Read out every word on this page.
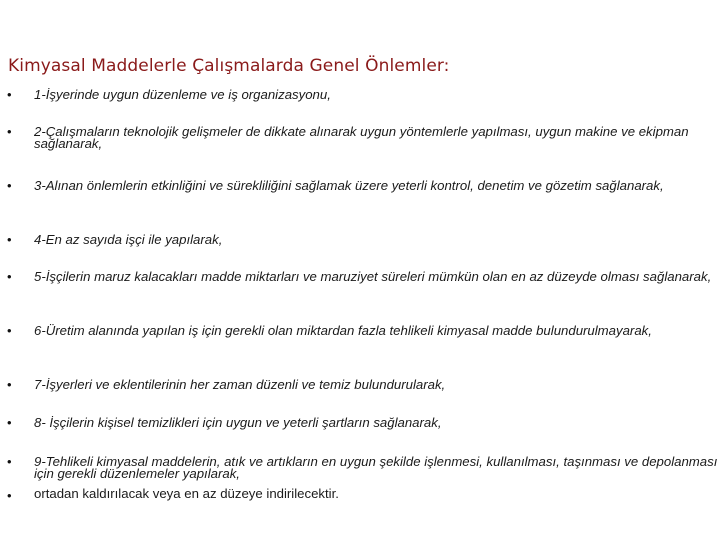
Kimyasal Maddelerle Çalışmalarda Genel Önlemler:
• 1-İşyerinde uygun düzenleme ve iş organizasyonu,
• 2-Çalışmaların teknolojik gelişmeler de dikkate alınarak uygun yöntemlerle yapılması, uygun makine ve ekipman sağlanarak,
• 3-Alınan önlemlerin etkinliğini ve sürekliliğini sağlamak üzere yeterli kontrol, denetim ve gözetim sağlanarak,
• 4-En az sayıda işçi ile yapılarak,
• 5-İşçilerin maruz kalacakları madde miktarları ve maruziyet süreleri mümkün olan en az düzeyde olması sağlanarak,
• 6-Üretim alanında yapılan iş için gerekli olan miktardan fazla tehlikeli kimyasal madde bulundurulmayarak,
• 7-İşyerleri ve eklentilerinin her zaman düzenli ve temiz bulundurularak,
• 8- İşçilerin kişisel temizlikleri için uygun ve yeterli şartların sağlanarak,
• 9-Tehlikeli kimyasal maddelerin, atık ve artıkların en uygun şekilde işlenmesi, kullanılması, taşınması ve depolanması için gerekli düzenlemeler yapılarak,
• ortadan kaldırılacak veya en az düzeye indirilecektir.
